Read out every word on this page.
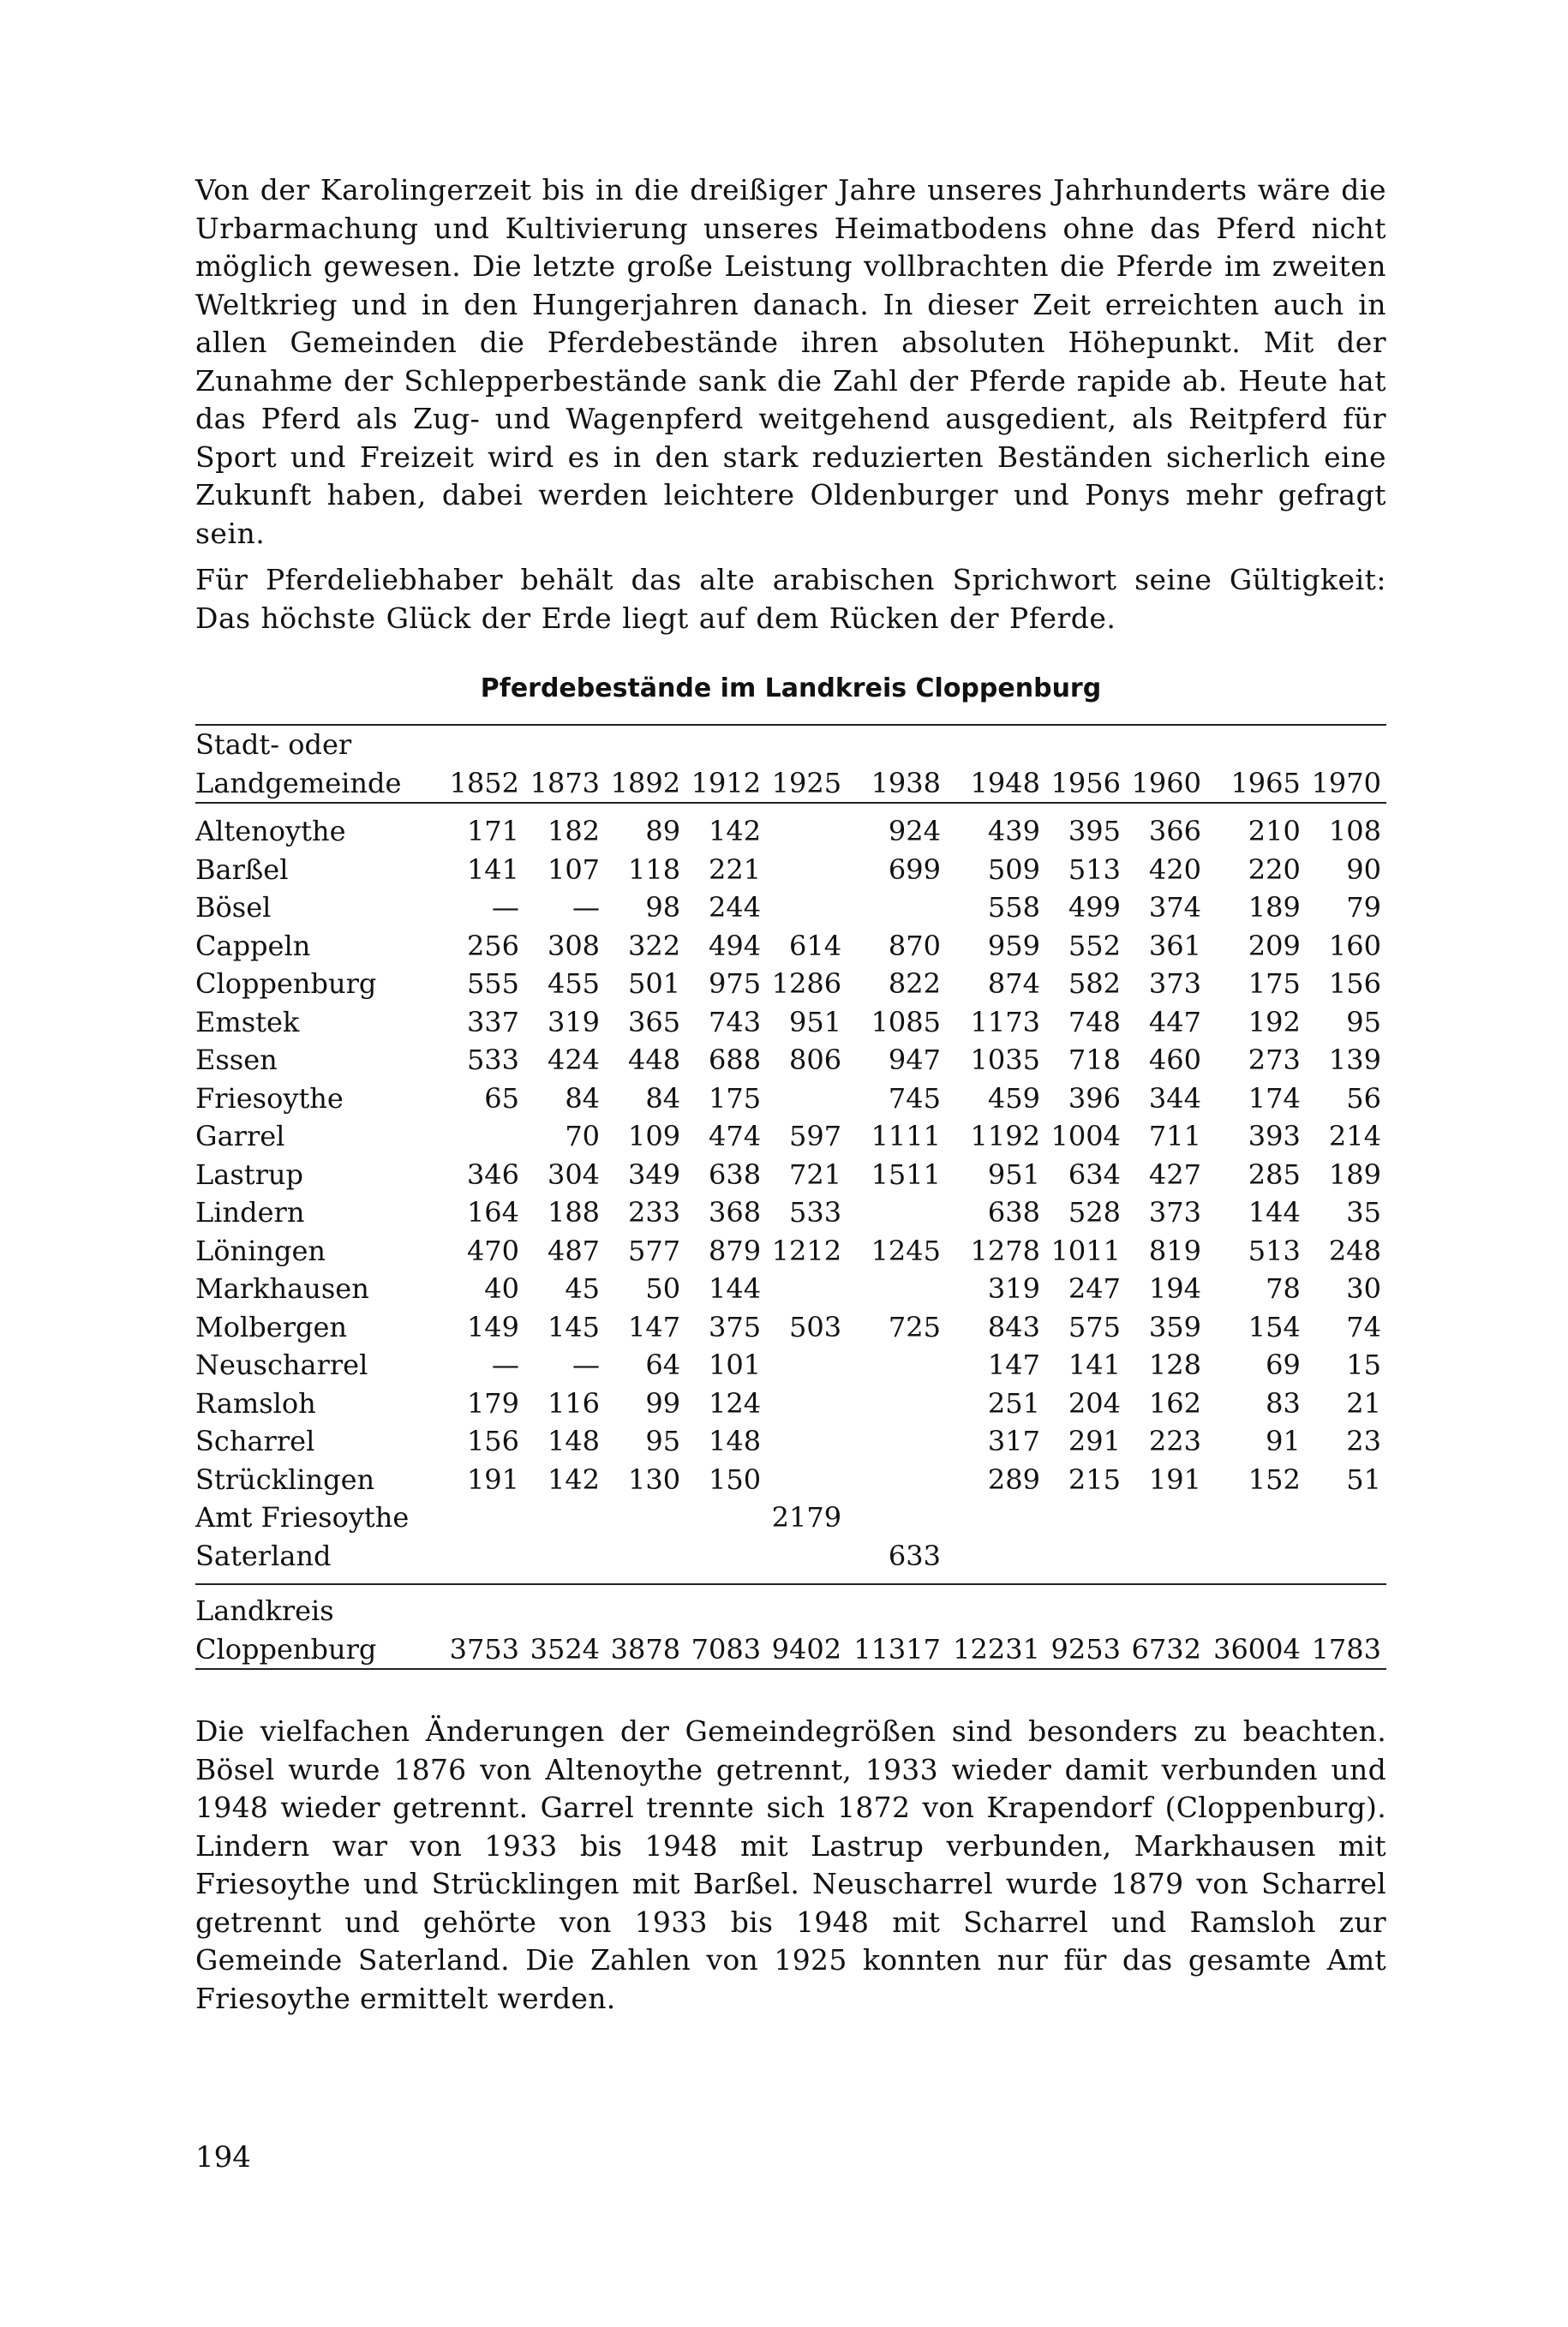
Von der Karolingerzeit bis in die dreißiger Jahre unseres Jahrhunderts wäre die Urbarmachung und Kultivierung unseres Heimatbodens ohne das Pferd nicht möglich gewesen. Die letzte große Leistung vollbrachten die Pferde im zweiten Weltkrieg und in den Hungerjahren danach. In dieser Zeit erreichten auch in allen Gemeinden die Pferdebestände ihren absoluten Höhepunkt. Mit der Zunahme der Schlepperbestände sank die Zahl der Pferde rapide ab. Heute hat das Pferd als Zug- und Wagenpferd weitgehend ausgedient, als Reitpferd für Sport und Freizeit wird es in den stark reduzierten Beständen sicherlich eine Zukunft haben, dabei werden leichtere Oldenburger und Ponys mehr gefragt sein.

Für Pferdeliebhaber behält das alte arabischen Sprichwort seine Gültigkeit: Das höchste Glück der Erde liegt auf dem Rücken der Pferde.

Pferdebestände im Landkreis Cloppenburg
Stadt- oder											
Landgemeinde	1852	1873	1892	1912	1925	1938	1948	1956	1960	1965	1970
Altenoythe	171	182	89	142		924	439	395	366	210	108
Barßel	141	107	118	221		699	509	513	420	220	90
Bösel	—	—	98	244			558	499	374	189	79
Cappeln	256	308	322	494	614	870	959	552	361	209	160
Cloppenburg	555	455	501	975	1286	822	874	582	373	175	156
Emstek	337	319	365	743	951	1085	1173	748	447	192	95
Essen	533	424	448	688	806	947	1035	718	460	273	139
Friesoythe	65	84	84	175		745	459	396	344	174	56
Garrel		70	109	474	597	1111	1192	1004	711	393	214
Lastrup	346	304	349	638	721	1511	951	634	427	285	189
Lindern	164	188	233	368	533		638	528	373	144	35
Löningen	470	487	577	879	1212	1245	1278	1011	819	513	248
Markhausen	40	45	50	144			319	247	194	78	30
Molbergen	149	145	147	375	503	725	843	575	359	154	74
Neuscharrel	—	—	64	101			147	141	128	69	15
Ramsloh	179	116	99	124			251	204	162	83	21
Scharrel	156	148	95	148			317	291	223	91	23
Strücklingen	191	142	130	150			289	215	191	152	51
Amt Friesoythe					2179						
Saterland						633					
Landkreis											
Cloppenburg	3753	3524	3878	7083	9402	11317	12231	9253	6732	36004	1783

Die vielfachen Änderungen der Gemeindegrößen sind besonders zu beachten. Bösel wurde 1876 von Altenoythe getrennt, 1933 wieder damit verbunden und 1948 wieder getrennt. Garrel trennte sich 1872 von Krapendorf (Cloppenburg). Lindern war von 1933 bis 1948 mit Lastrup verbunden, Markhausen mit Friesoythe und Strücklingen mit Barßel. Neuscharrel wurde 1879 von Scharrel getrennt und gehörte von 1933 bis 1948 mit Scharrel und Ramsloh zur Gemeinde Saterland. Die Zahlen von 1925 konnten nur für das gesamte Amt Friesoythe ermittelt werden.

194
